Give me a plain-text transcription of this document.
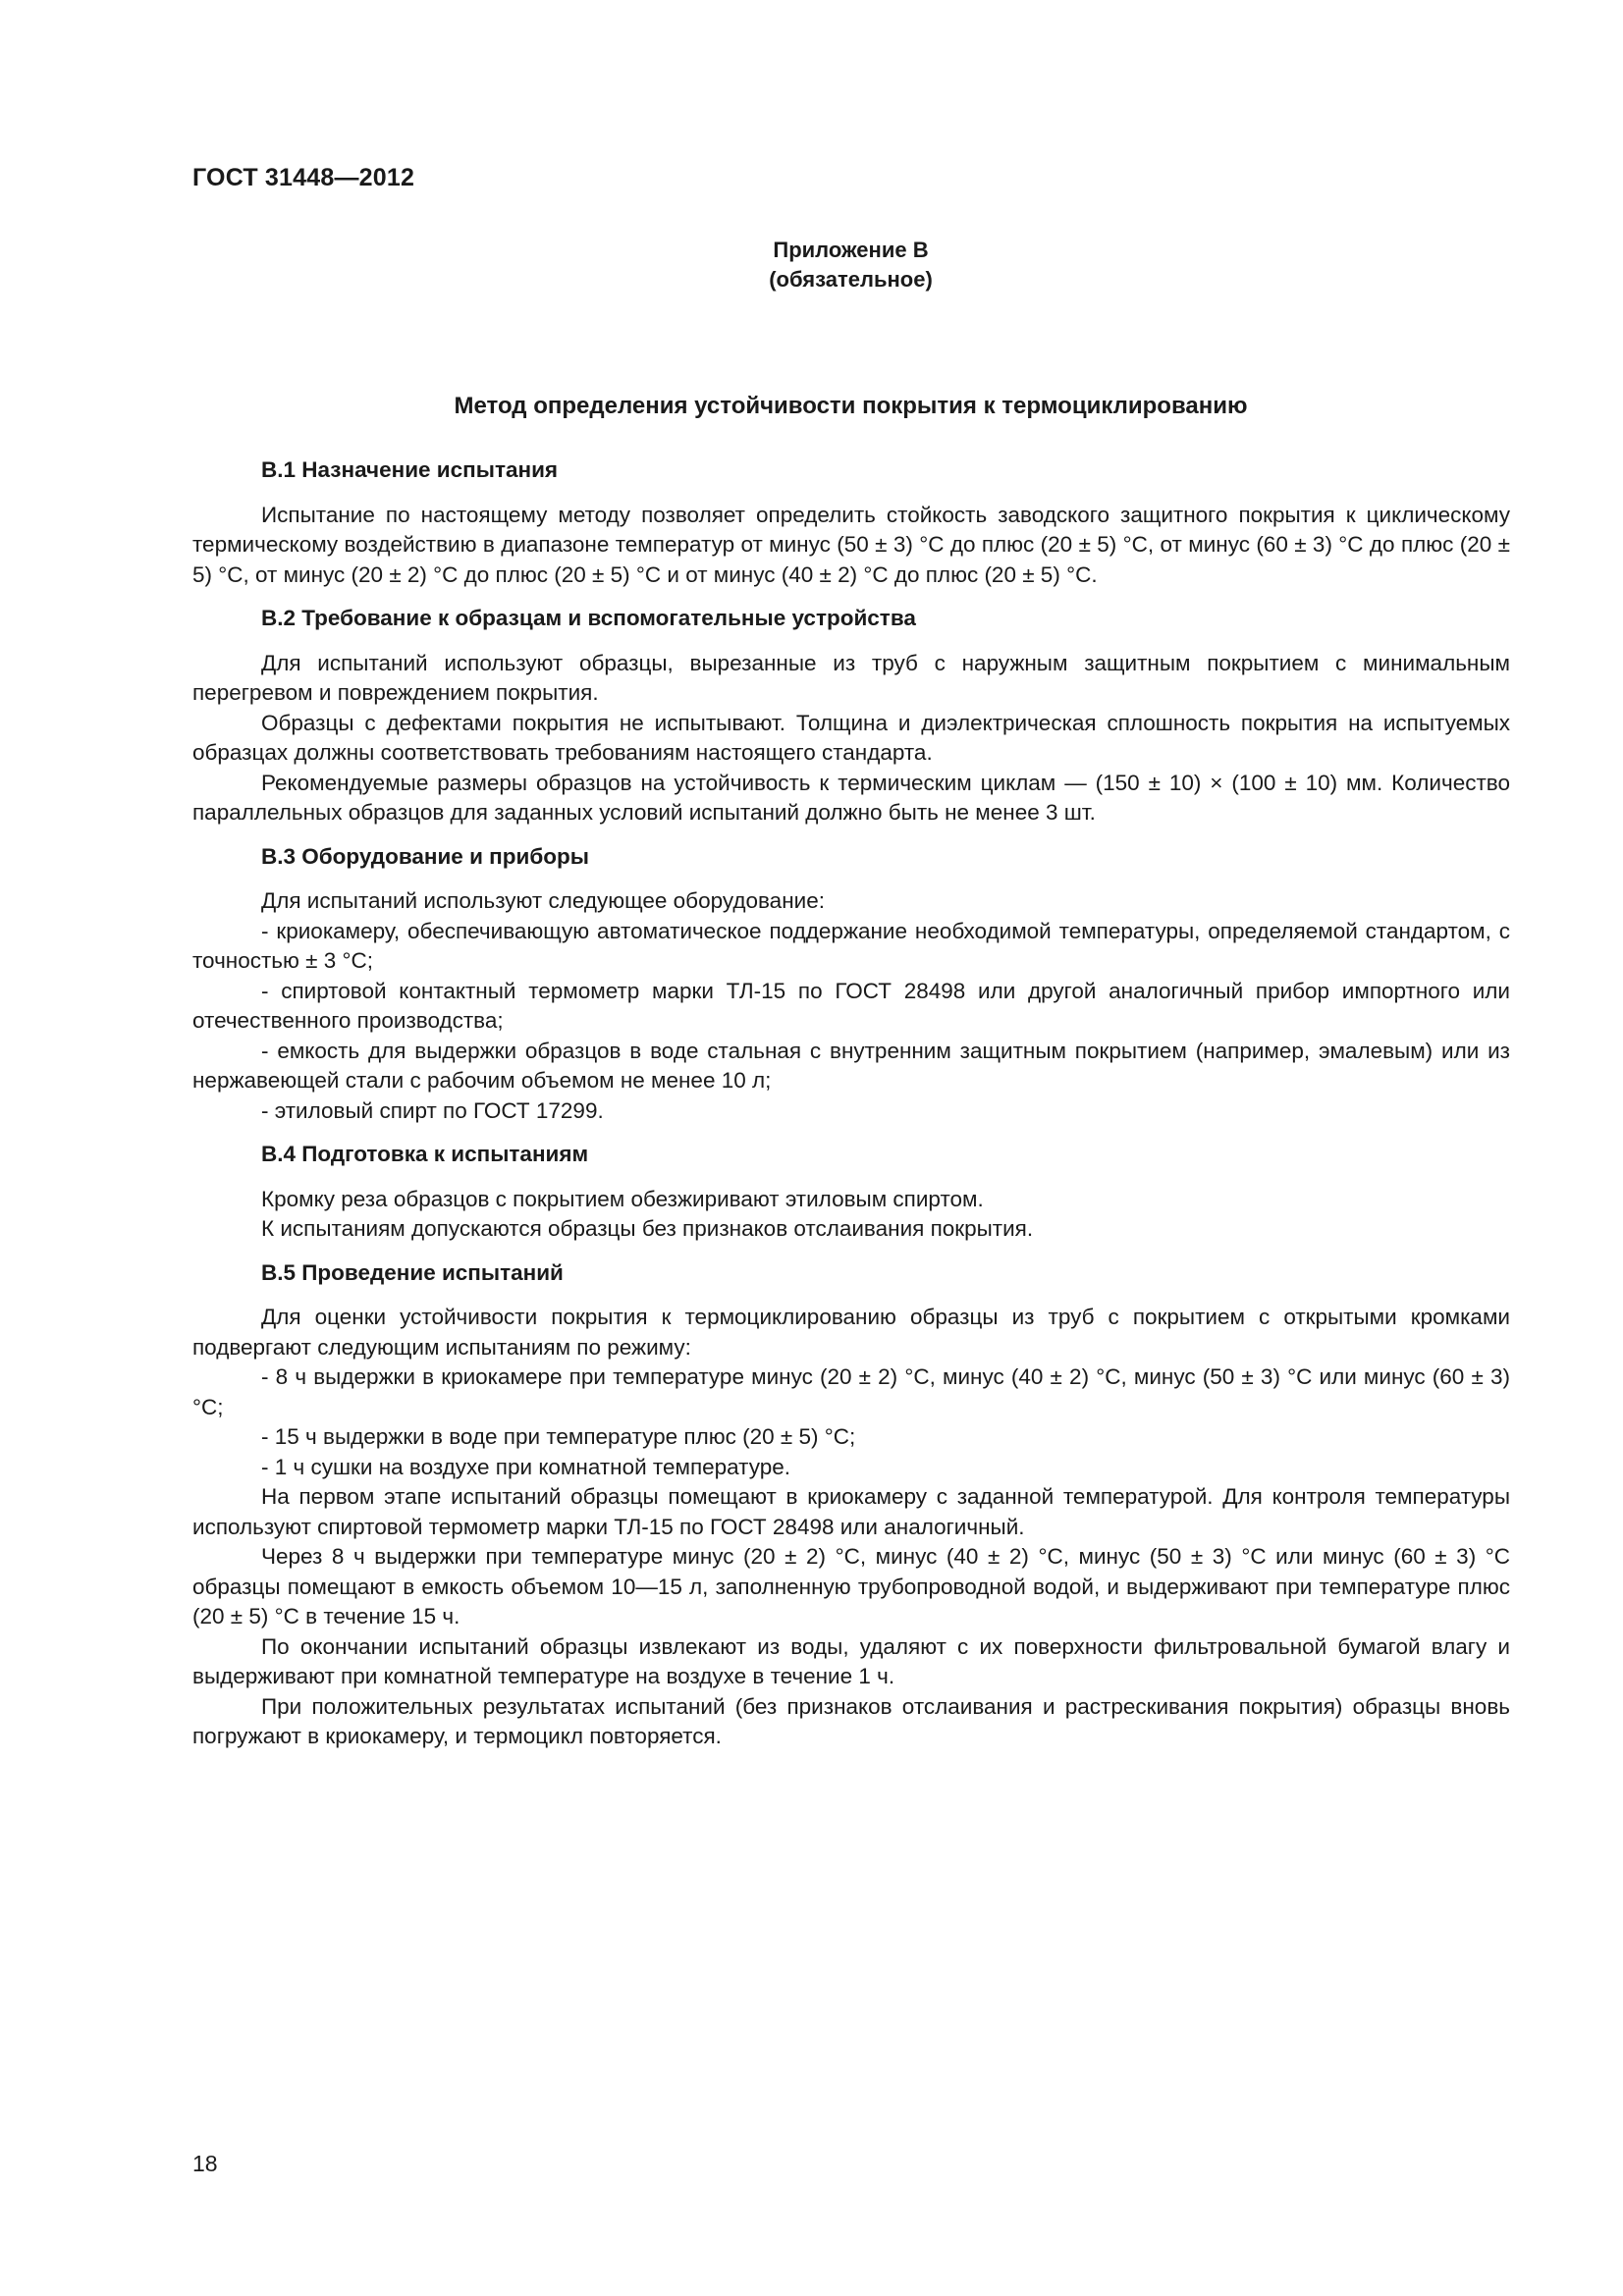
ГОСТ 31448—2012
Приложение В
(обязательное)
Метод определения устойчивости покрытия к термоциклированию
В.1 Назначение испытания

Испытание по настоящему методу позволяет определить стойкость заводского защитного покрытия к циклическому термическому воздействию в диапазоне температур от минус (50 ± 3) °С до плюс (20 ± 5) °С, от минус (60 ± 3) °С до плюс (20 ± 5) °С, от минус (20 ± 2) °С до плюс (20 ± 5) °С и от минус (40 ± 2) °С до плюс (20 ± 5) °С.

В.2 Требование к образцам и вспомогательные устройства

Для испытаний используют образцы, вырезанные из труб с наружным защитным покрытием с минимальным перегревом и повреждением покрытия.

Образцы с дефектами покрытия не испытывают. Толщина и диэлектрическая сплошность покрытия на испытуемых образцах должны соответствовать требованиям настоящего стандарта.

Рекомендуемые размеры образцов на устойчивость к термическим циклам — (150 ± 10) × (100 ± 10) мм. Количество параллельных образцов для заданных условий испытаний должно быть не менее 3 шт.

В.3 Оборудование и приборы

Для испытаний используют следующее оборудование:

- криокамеру, обеспечивающую автоматическое поддержание необходимой температуры, определяемой стандартом, с точностью ± 3 °С;

- спиртовой контактный термометр марки ТЛ-15 по ГОСТ 28498 или другой аналогичный прибор импортного или отечественного производства;

- емкость для выдержки образцов в воде стальная с внутренним защитным покрытием (например, эмалевым) или из нержавеющей стали с рабочим объемом не менее 10 л;

- этиловый спирт по ГОСТ 17299.

В.4 Подготовка к испытаниям

Кромку реза образцов с покрытием обезжиривают этиловым спиртом.

К испытаниям допускаются образцы без признаков отслаивания покрытия.

В.5 Проведение испытаний

Для оценки устойчивости покрытия к термоциклированию образцы из труб с покрытием с открытыми кромками подвергают следующим испытаниям по режиму:

- 8 ч выдержки в криокамере при температуре минус (20 ± 2) °С, минус (40 ± 2) °С, минус (50 ± 3) °С или минус (60 ± 3) °С;

- 15 ч выдержки в воде при температуре плюс (20 ± 5) °С;

- 1 ч сушки на воздухе при комнатной температуре.

На первом этапе испытаний образцы помещают в криокамеру с заданной температурой. Для контроля температуры используют спиртовой термометр марки ТЛ-15 по ГОСТ 28498 или аналогичный.

Через 8 ч выдержки при температуре минус (20 ± 2) °С, минус (40 ± 2) °С, минус (50 ± 3) °С или минус (60 ± 3) °С образцы помещают в емкость объемом 10—15 л, заполненную трубопроводной водой, и выдерживают при температуре плюс (20 ± 5) °С в течение 15 ч.

По окончании испытаний образцы извлекают из воды, удаляют с их поверхности фильтровальной бумагой влагу и выдерживают при комнатной температуре на воздухе в течение 1 ч.

При положительных результатах испытаний (без признаков отслаивания и растрескивания покрытия) образцы вновь погружают в криокамеру, и термоцикл повторяется.

18
